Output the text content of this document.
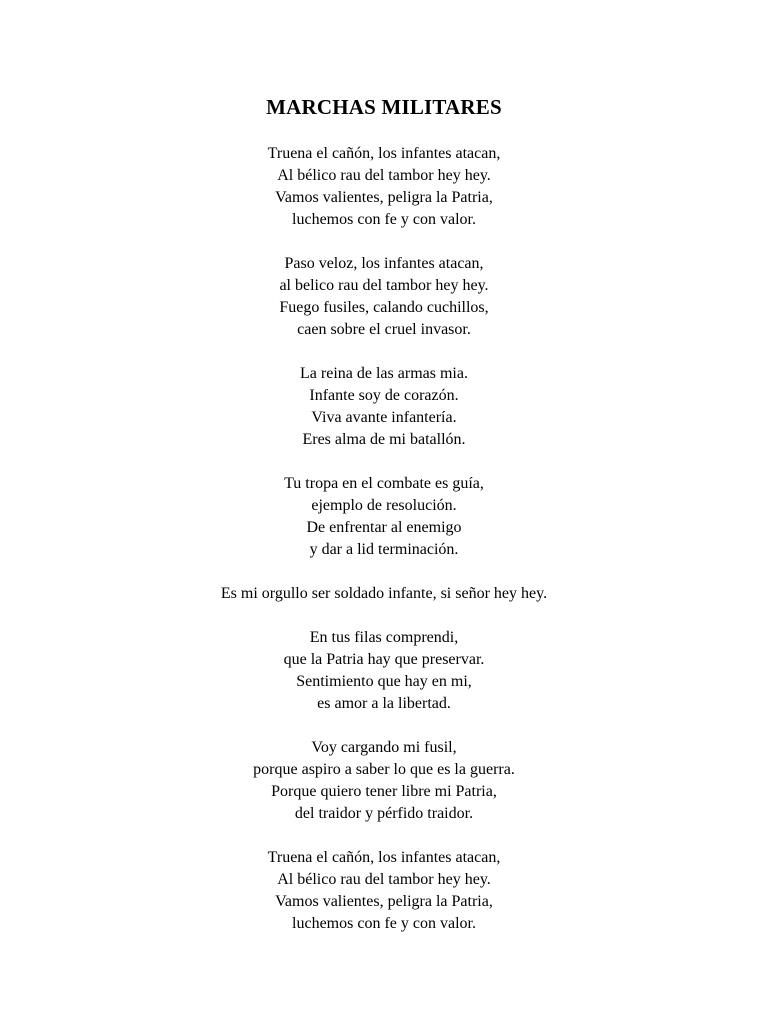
MARCHAS MILITARES
Truena el cañón, los infantes atacan,
Al bélico rau del tambor hey hey.
Vamos valientes, peligra la Patria,
luchemos con fe y con valor.
Paso veloz, los infantes atacan,
al belico rau del tambor hey hey.
Fuego fusiles, calando cuchillos,
caen sobre el cruel invasor.
La reina de las armas mia.
Infante soy de corazón.
Viva avante infantería.
Eres alma de mi batallón.
Tu tropa en el combate es guía,
ejemplo de resolución.
De enfrentar al enemigo
y dar a lid terminación.
Es mi orgullo ser soldado infante, si señor hey hey.
En tus filas comprendi,
que la Patria hay que preservar.
Sentimiento que hay en mi,
es amor a la libertad.
Voy cargando mi fusil,
porque aspiro a saber lo que es la guerra.
Porque quiero tener libre mi Patria,
del traidor y pérfido traidor.
Truena el cañón, los infantes atacan,
Al bélico rau del tambor hey hey.
Vamos valientes, peligra la Patria,
luchemos con fe y con valor.
